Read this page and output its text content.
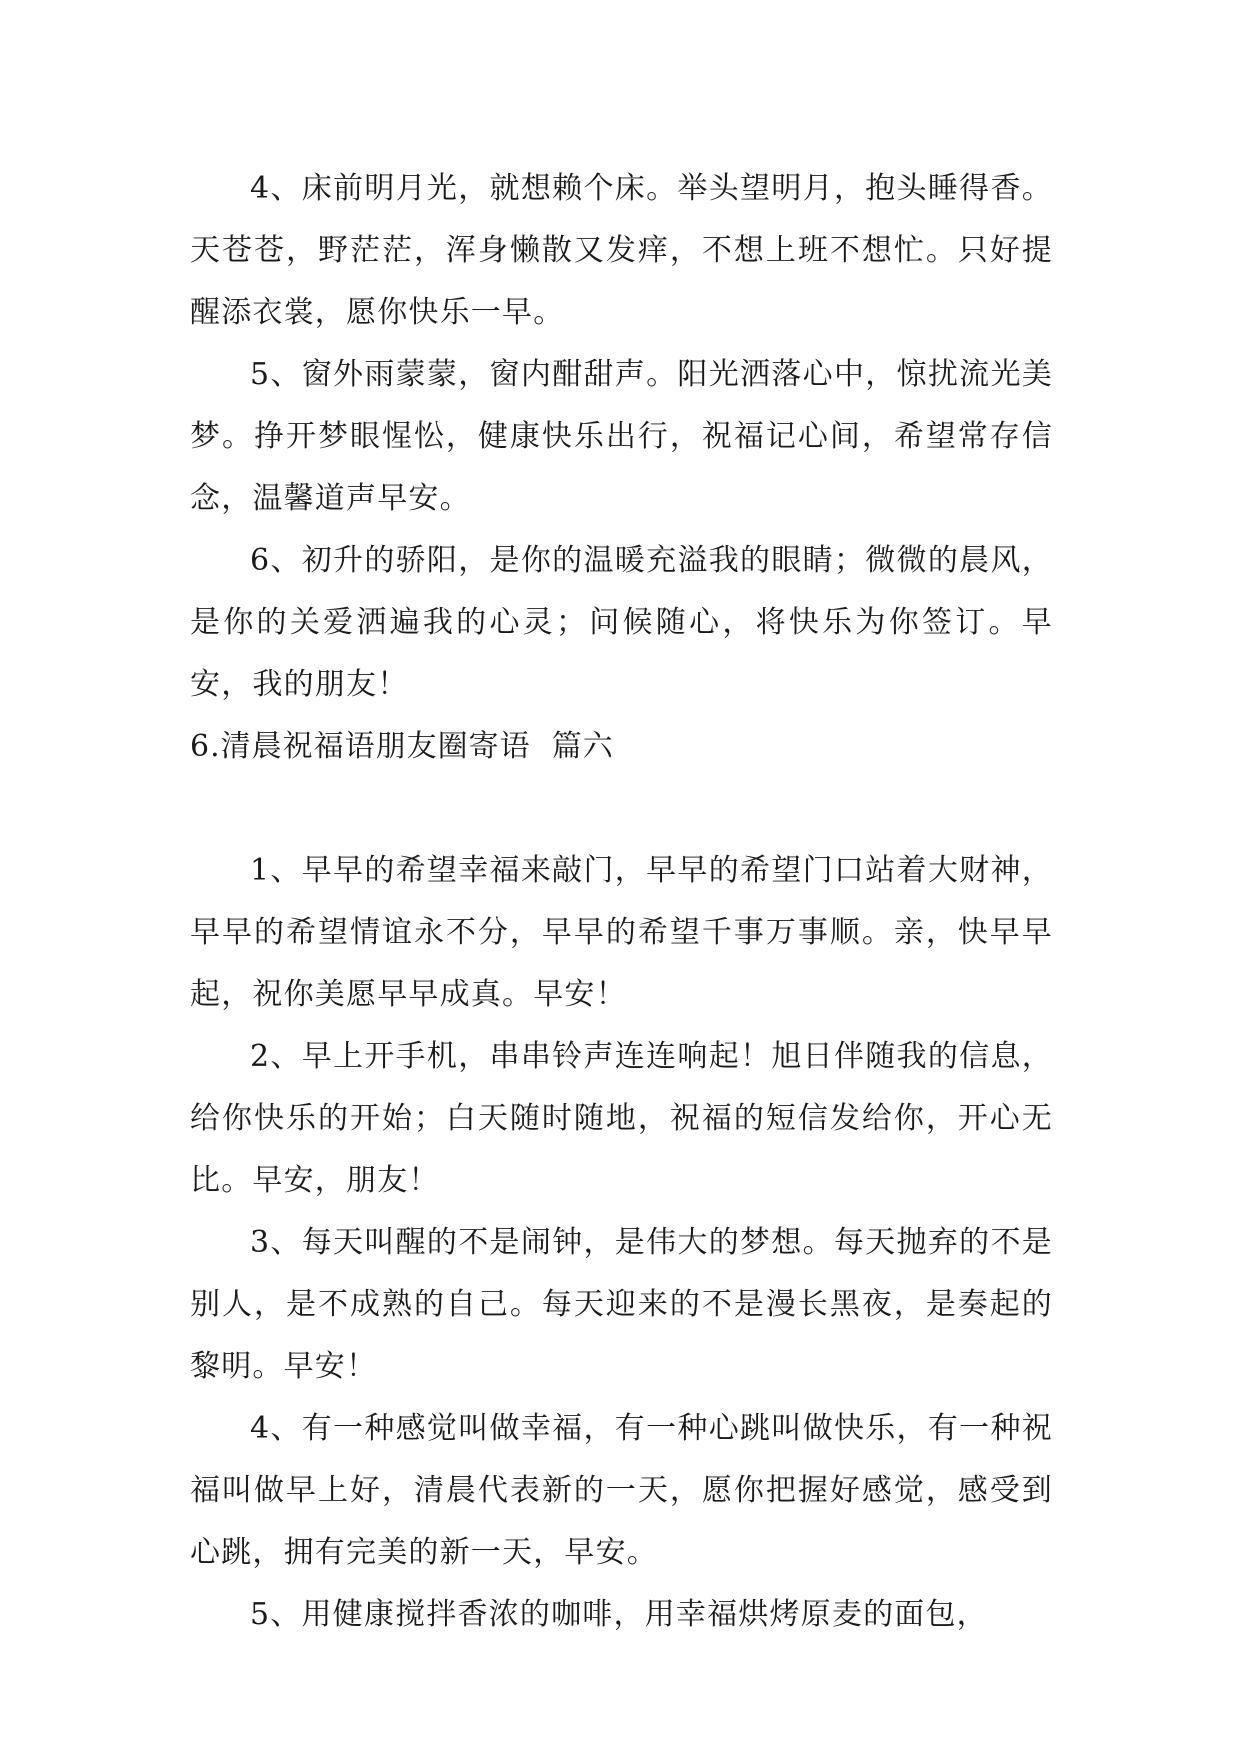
4、床前明月光，就想赖个床。举头望明月，抱头睡得香。天苍苍，野茫茫，浑身懒散又发痒，不想上班不想忙。只好提醒添衣裳，愿你快乐一早。

5、窗外雨蒙蒙，窗内酣甜声。阳光洒落心中，惊扰流光美梦。挣开梦眼惺忪，健康快乐出行，祝福记心间，希望常存信念，温馨道声早安。

6、初升的骄阳，是你的温暖充溢我的眼睛；微微的晨风，是你的关爱洒遍我的心灵；问候随心，将快乐为你签订。早安，我的朋友！

6.清晨祝福语朋友圈寄语  篇六

1、早早的希望幸福来敲门，早早的希望门口站着大财神，早早的希望情谊永不分，早早的希望千事万事顺。亲，快早早起，祝你美愿早早成真。早安！

2、早上开手机，串串铃声连连响起！旭日伴随我的信息，给你快乐的开始；白天随时随地，祝福的短信发给你，开心无比。早安，朋友！

3、每天叫醒的不是闹钟，是伟大的梦想。每天抛弃的不是别人，是不成熟的自己。每天迎来的不是漫长黑夜，是奏起的黎明。早安！

4、有一种感觉叫做幸福，有一种心跳叫做快乐，有一种祝福叫做早上好，清晨代表新的一天，愿你把握好感觉，感受到心跳，拥有完美的新一天，早安。

5、用健康搅拌香浓的咖啡，用幸福烘烤原麦的面包，
